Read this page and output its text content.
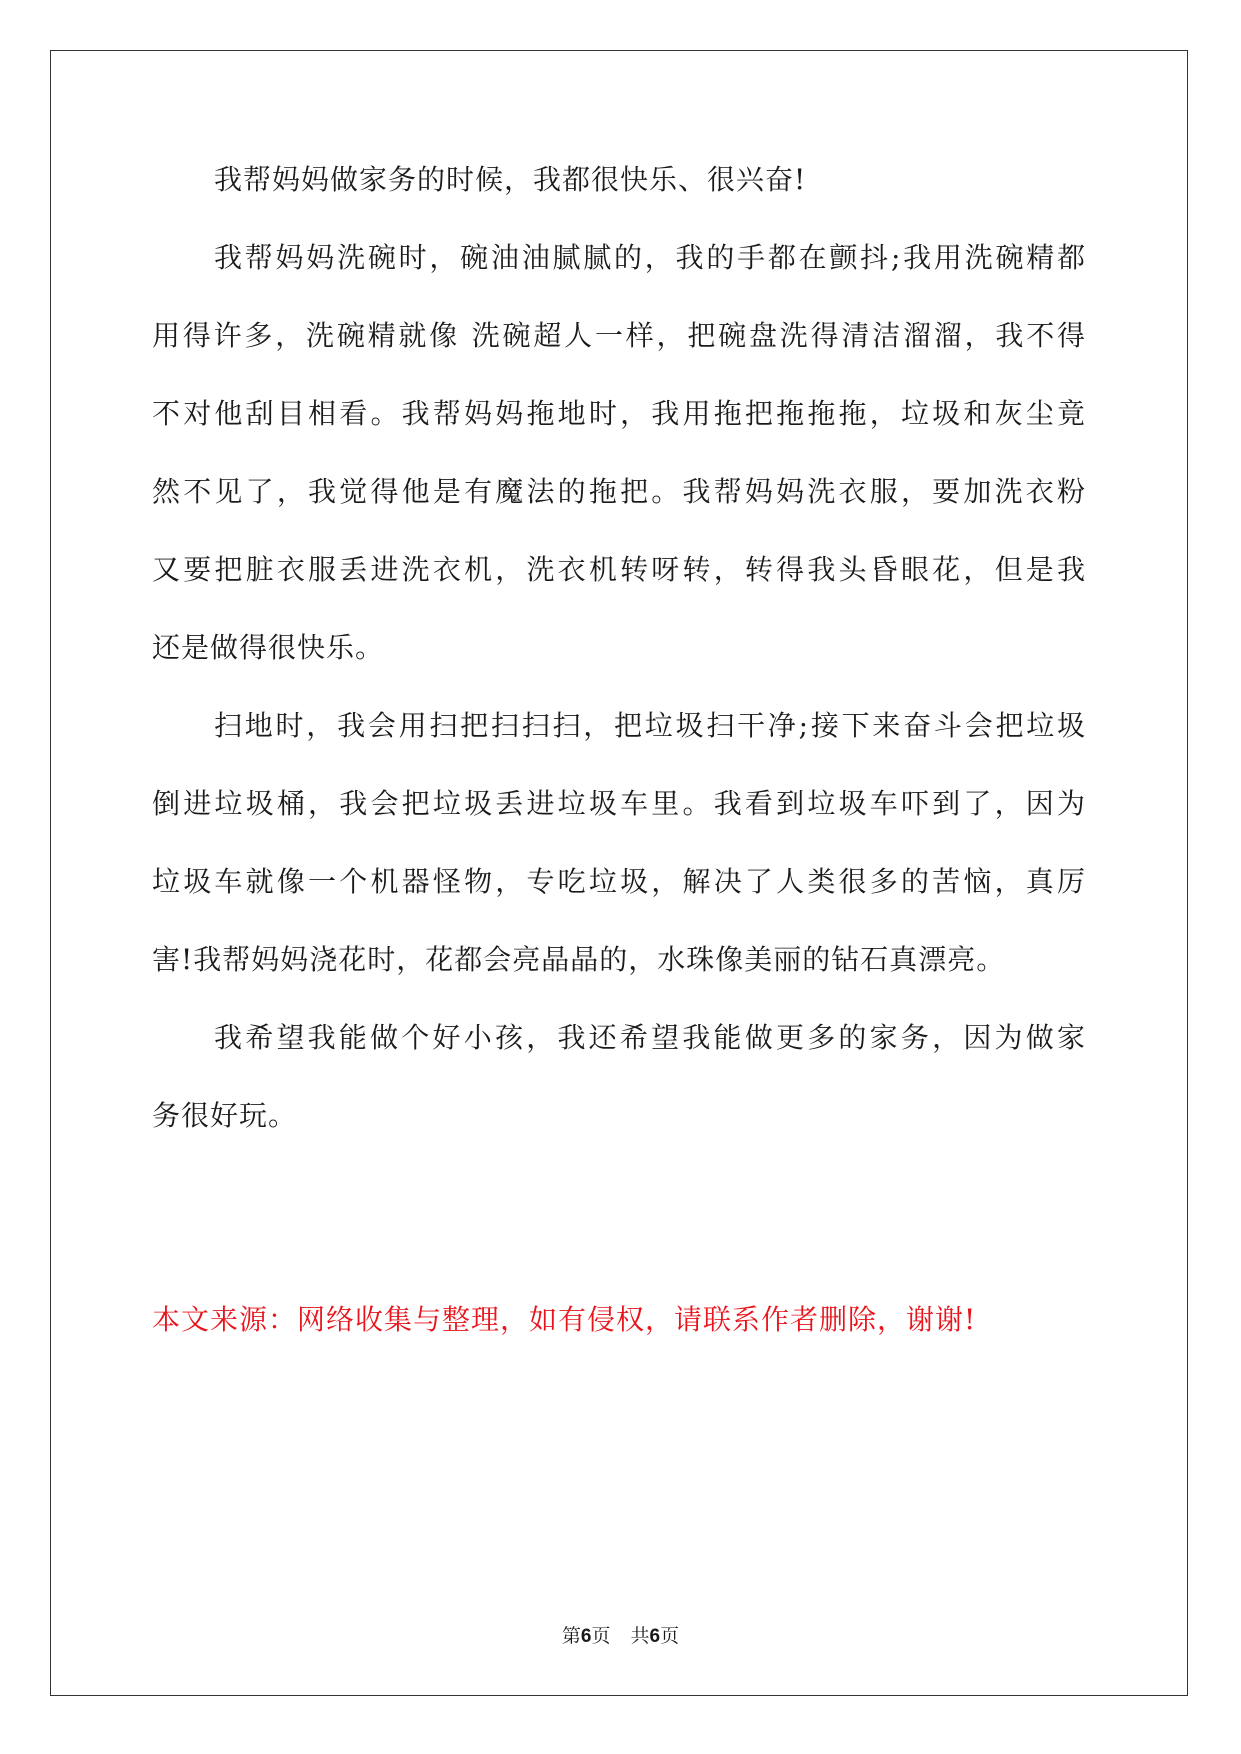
我帮妈妈做家务的时候，我都很快乐、很兴奋!
我帮妈妈洗碗时，碗油油腻腻的，我的手都在颤抖;我用洗碗精都
用得许多，洗碗精就像 洗碗超人一样，把碗盘洗得清洁溜溜，我不得
不对他刮目相看。我帮妈妈拖地时，我用拖把拖拖拖，垃圾和灰尘竟
然不见了，我觉得他是有魔法的拖把。我帮妈妈洗衣服，要加洗衣粉
又要把脏衣服丢进洗衣机，洗衣机转呀转，转得我头昏眼花，但是我
还是做得很快乐。
扫地时，我会用扫把扫扫扫，把垃圾扫干净;接下来奋斗会把垃圾
倒进垃圾桶，我会把垃圾丢进垃圾车里。我看到垃圾车吓到了，因为
垃圾车就像一个机器怪物，专吃垃圾，解决了人类很多的苦恼，真厉
害!我帮妈妈浇花时，花都会亮晶晶的，水珠像美丽的钻石真漂亮。
我希望我能做个好小孩，我还希望我能做更多的家务，因为做家
务很好玩。
本文来源：网络收集与整理，如有侵权，请联系作者删除，谢谢!
第6页 共6页
